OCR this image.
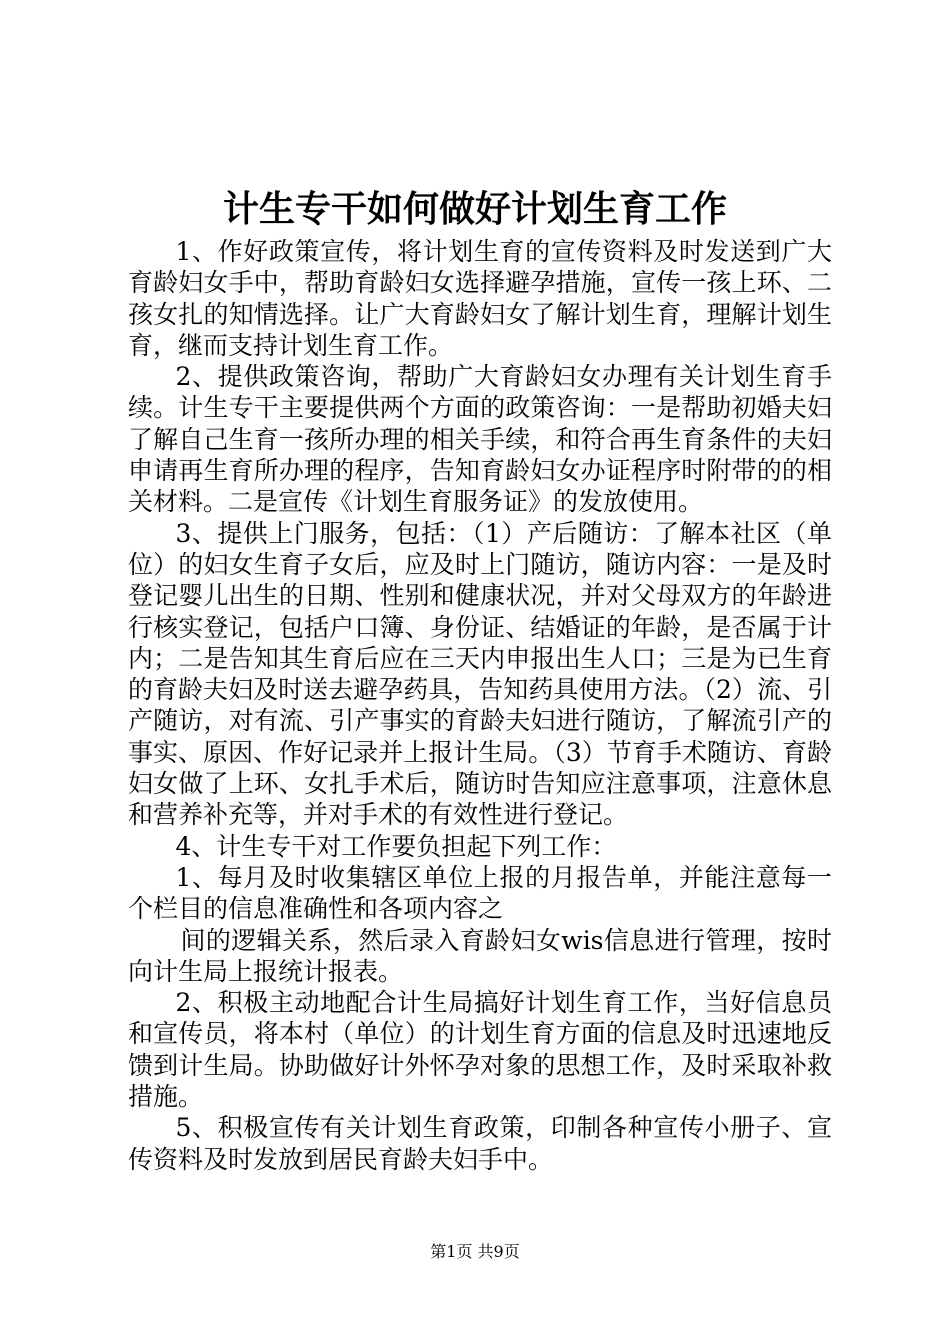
计生专干如何做好计划生育工作

1、作好政策宣传，将计划生育的宣传资料及时发送到广大育龄妇女手中，帮助育龄妇女选择避孕措施，宣传一孩上环、二孩女扎的知情选择。让广大育龄妇女了解计划生育，理解计划生育，继而支持计划生育工作。

2、提供政策咨询，帮助广大育龄妇女办理有关计划生育手续。计生专干主要提供两个方面的政策咨询：一是帮助初婚夫妇了解自己生育一孩所办理的相关手续，和符合再生育条件的夫妇申请再生育所办理的程序，告知育龄妇女办证程序时附带的的相关材料。二是宣传《计划生育服务证》的发放使用。

3、提供上门服务，包括：（1）产后随访：了解本社区（单位）的妇女生育子女后，应及时上门随访，随访内容：一是及时登记婴儿出生的日期、性别和健康状况，并对父母双方的年龄进行核实登记，包括户口簿、身份证、结婚证的年龄，是否属于计内；二是告知其生育后应在三天内申报出生人口；三是为已生育的育龄夫妇及时送去避孕药具，告知药具使用方法。（2）流、引产随访，对有流、引产事实的育龄夫妇进行随访，了解流引产的事实、原因、作好记录并上报计生局。（3）节育手术随访、育龄妇女做了上环、女扎手术后，随访时告知应注意事项，注意休息和营养补充等，并对手术的有效性进行登记。

4、计生专干对工作要负担起下列工作：

1、每月及时收集辖区单位上报的月报告单，并能注意每一个栏目的信息准确性和各项内容之

间的逻辑关系，然后录入育龄妇女wis信息进行管理，按时向计生局上报统计报表。

2、积极主动地配合计生局搞好计划生育工作，当好信息员和宣传员，将本村（单位）的计划生育方面的信息及时迅速地反馈到计生局。协助做好计外怀孕对象的思想工作，及时采取补救措施。

5、积极宣传有关计划生育政策，印制各种宣传小册子、宣传资料及时发放到居民育龄夫妇手中。

第1页 共9页
